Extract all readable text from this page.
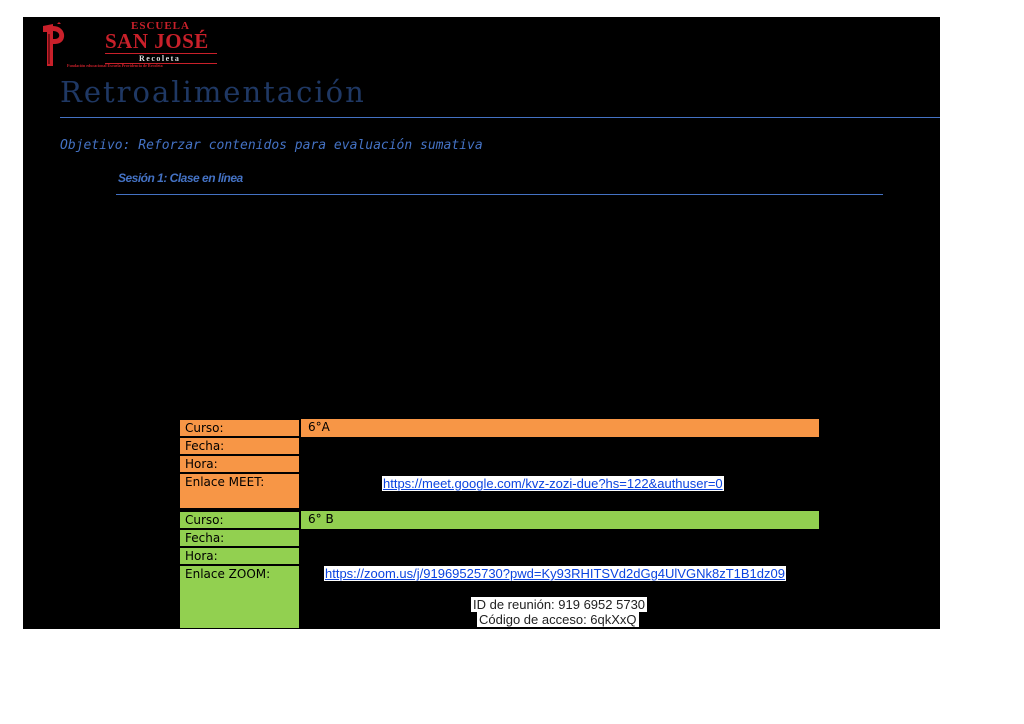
ESCUELA
SAN JOSÉ
Recoleta
Fundación educacional Escuela Providencia de Recoleta
Retroalimentación
Objetivo: Reforzar contenidos para evaluación sumativa
Sesión 1: Clase en línea
Curso:	6°A
Fecha:
Hora:
Enlace MEET:	https://meet.google.com/kvz-zozi-due?hs=122&authuser=0
Curso:	6° B
Fecha:
Hora:
Enlace ZOOM:	https://zoom.us/j/91969525730?pwd=Ky93RHITSVd2dGg4UlVGNk8zT1B1dz09
ID de reunión: 919 6952 5730
Código de acceso: 6qkXxQ
